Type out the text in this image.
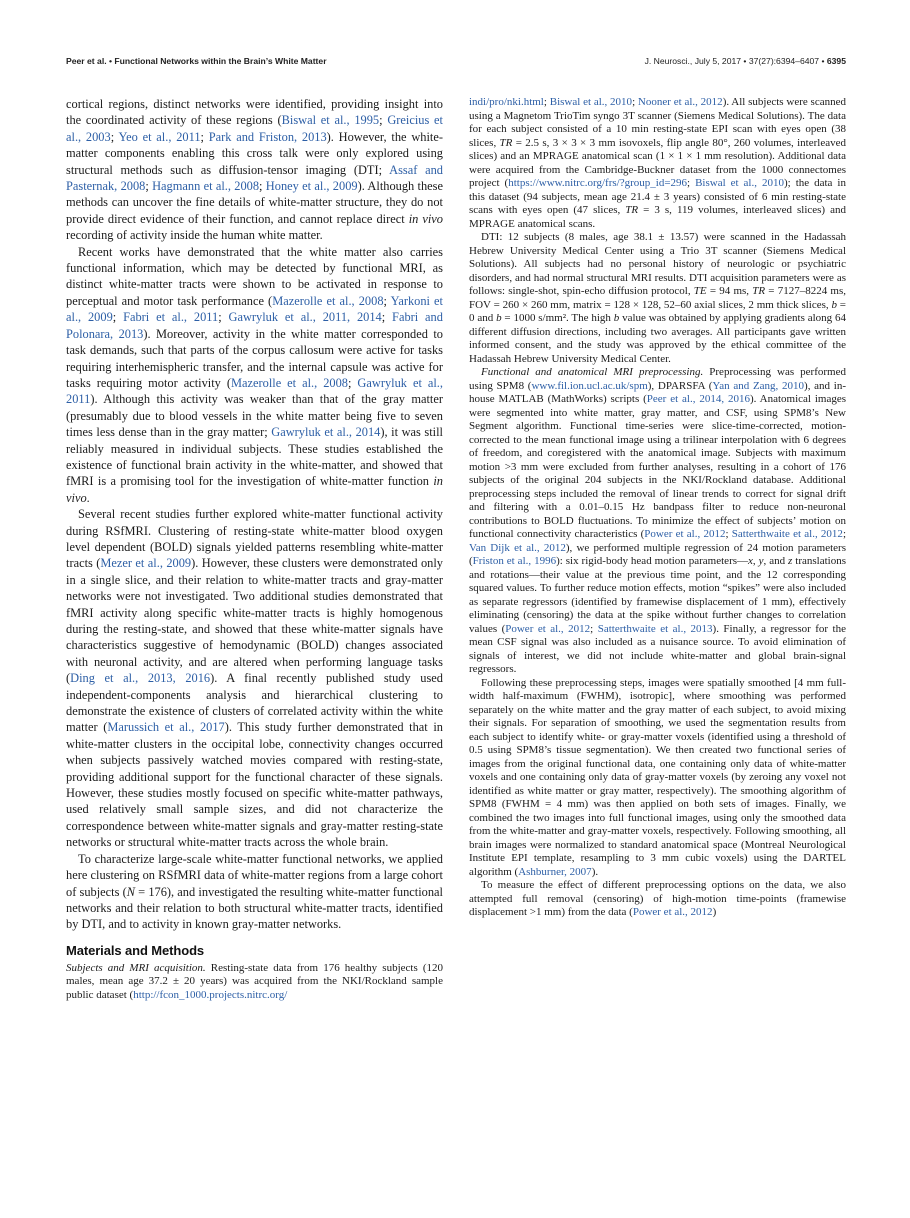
Peer et al. • Functional Networks within the Brain’s White Matter	J. Neurosci., July 5, 2017 • 37(27):6394–6407 • 6395

cortical regions, distinct networks were identified, providing insight into the coordinated activity of these regions (Biswal et al., 1995; Greicius et al., 2003; Yeo et al., 2011; Park and Friston, 2013). However, the white-matter components enabling this cross talk were only explored using structural methods such as diffusion-tensor imaging (DTI; Assaf and Pasternak, 2008; Hagmann et al., 2008; Honey et al., 2009). Although these methods can uncover the fine details of white-matter structure, they do not provide direct evidence of their function, and cannot replace direct in vivo recording of activity inside the human white matter.

Recent works have demonstrated that the white matter also carries functional information, which may be detected by functional MRI, as distinct white-matter tracts were shown to be activated in response to perceptual and motor task performance (Mazerolle et al., 2008; Yarkoni et al., 2009; Fabri et al., 2011; Gawryluk et al., 2011, 2014; Fabri and Polonara, 2013). Moreover, activity in the white matter corresponded to task demands, such that parts of the corpus callosum were active for tasks requiring interhemispheric transfer, and the internal capsule was active for tasks requiring motor activity (Mazerolle et al., 2008; Gawryluk et al., 2011). Although this activity was weaker than that of the gray matter (presumably due to blood vessels in the white matter being five to seven times less dense than in the gray matter; Gawryluk et al., 2014), it was still reliably measured in individual subjects. These studies established the existence of functional brain activity in the white-matter, and showed that fMRI is a promising tool for the investigation of white-matter function in vivo.

Several recent studies further explored white-matter functional activity during RSfMRI. Clustering of resting-state white-matter blood oxygen level dependent (BOLD) signals yielded patterns resembling white-matter tracts (Mezer et al., 2009). However, these clusters were demonstrated only in a single slice, and their relation to white-matter tracts and gray-matter networks were not investigated. Two additional studies demonstrated that fMRI activity along specific white-matter tracts is highly homogenous during the resting-state, and showed that these white-matter signals have characteristics suggestive of hemodynamic (BOLD) changes associated with neuronal activity, and are altered when performing language tasks (Ding et al., 2013, 2016). A final recently published study used independent-components analysis and hierarchical clustering to demonstrate the existence of clusters of correlated activity within the white matter (Marussich et al., 2017). This study further demonstrated that in white-matter clusters in the occipital lobe, connectivity changes occurred when subjects passively watched movies compared with resting-state, providing additional support for the functional character of these signals. However, these studies mostly focused on specific white-matter pathways, used relatively small sample sizes, and did not characterize the correspondence between white-matter signals and gray-matter resting-state networks or structural white-matter tracts across the whole brain.

To characterize large-scale white-matter functional networks, we applied here clustering on RSfMRI data of white-matter regions from a large cohort of subjects (N = 176), and investigated the resulting white-matter functional networks and their relation to both structural white-matter tracts, identified by DTI, and to activity in known gray-matter networks.

Materials and Methods

Subjects and MRI acquisition. Resting-state data from 176 healthy subjects (120 males, mean age 37.2 ± 20 years) was acquired from the NKI/Rockland sample public dataset (http://fcon_1000.projects.nitrc.org/

indi/pro/nki.html; Biswal et al., 2010; Nooner et al., 2012). All subjects were scanned using a Magnetom TrioTim syngo 3T scanner (Siemens Medical Solutions). The data for each subject consisted of a 10 min resting-state EPI scan with eyes open (38 slices, TR = 2.5 s, 3 × 3 × 3 mm isovoxels, flip angle 80°, 260 volumes, interleaved slices) and an MPRAGE anatomical scan (1 × 1 × 1 mm resolution). Additional data were acquired from the Cambridge-Buckner dataset from the 1000 connectomes project (https://www.nitrc.org/frs/?group_id=296; Biswal et al., 2010); the data in this dataset (94 subjects, mean age 21.4 ± 3 years) consisted of 6 min resting-state scans with eyes open (47 slices, TR = 3 s, 119 volumes, interleaved slices) and MPRAGE anatomical scans.

DTI: 12 subjects (8 males, age 38.1 ± 13.57) were scanned in the Hadassah Hebrew University Medical Center using a Trio 3T scanner (Siemens Medical Solutions). All subjects had no personal history of neurologic or psychiatric disorders, and had normal structural MRI results. DTI acquisition parameters were as follows: single-shot, spin-echo diffusion protocol, TE = 94 ms, TR = 7127–8224 ms, FOV = 260 × 260 mm, matrix = 128 × 128, 52–60 axial slices, 2 mm thick slices, b = 0 and b = 1000 s/mm². The high b value was obtained by applying gradients along 64 different diffusion directions, including two averages. All participants gave written informed consent, and the study was approved by the ethical committee of the Hadassah Hebrew University Medical Center.

Functional and anatomical MRI preprocessing. Preprocessing was performed using SPM8 (www.fil.ion.ucl.ac.uk/spm), DPARSFA (Yan and Zang, 2010), and in-house MATLAB (MathWorks) scripts (Peer et al., 2014, 2016). Anatomical images were segmented into white matter, gray matter, and CSF, using SPM8’s New Segment algorithm. Functional time-series were slice-time-corrected, motion-corrected to the mean functional image using a trilinear interpolation with 6 degrees of freedom, and coregistered with the anatomical image. Subjects with maximum motion >3 mm were excluded from further analyses, resulting in a cohort of 176 subjects of the original 204 subjects in the NKI/Rockland database. Additional preprocessing steps included the removal of linear trends to correct for signal drift and filtering with a 0.01–0.15 Hz bandpass filter to reduce non-neuronal contributions to BOLD fluctuations. To minimize the effect of subjects’ motion on functional connectivity characteristics (Power et al., 2012; Satterthwaite et al., 2012; Van Dijk et al., 2012), we performed multiple regression of 24 motion parameters (Friston et al., 1996): six rigid-body head motion parameters—x, y, and z translations and rotations—their value at the previous time point, and the 12 corresponding squared values. To further reduce motion effects, motion “spikes” were also included as separate regressors (identified by framewise displacement of 1 mm), effectively eliminating (censoring) the data at the spike without further changes to correlation values (Power et al., 2012; Satterthwaite et al., 2013). Finally, a regressor for the mean CSF signal was also included as a nuisance source. To avoid elimination of signals of interest, we did not include white-matter and global brain-signal regressors.

Following these preprocessing steps, images were spatially smoothed [4 mm full-width half-maximum (FWHM), isotropic], where smoothing was performed separately on the white matter and the gray matter of each subject, to avoid mixing their signals. For separation of smoothing, we used the segmentation results from each subject to identify white- or gray-matter voxels (identified using a threshold of 0.5 using SPM8’s tissue segmentation). We then created two functional series of images from the original functional data, one containing only data of white-matter voxels and one containing only data of gray-matter voxels (by zeroing any voxel not identified as white matter or gray matter, respectively). The smoothing algorithm of SPM8 (FWHM = 4 mm) was then applied on both sets of images. Finally, we combined the two images into full functional images, using only the smoothed data from the white-matter and gray-matter voxels, respectively. Following smoothing, all brain images were normalized to standard anatomical space (Montreal Neurological Institute EPI template, resampling to 3 mm cubic voxels) using the DARTEL algorithm (Ashburner, 2007).

To measure the effect of different preprocessing options on the data, we also attempted full removal (censoring) of high-motion time-points (framewise displacement >1 mm) from the data (Power et al., 2012)
